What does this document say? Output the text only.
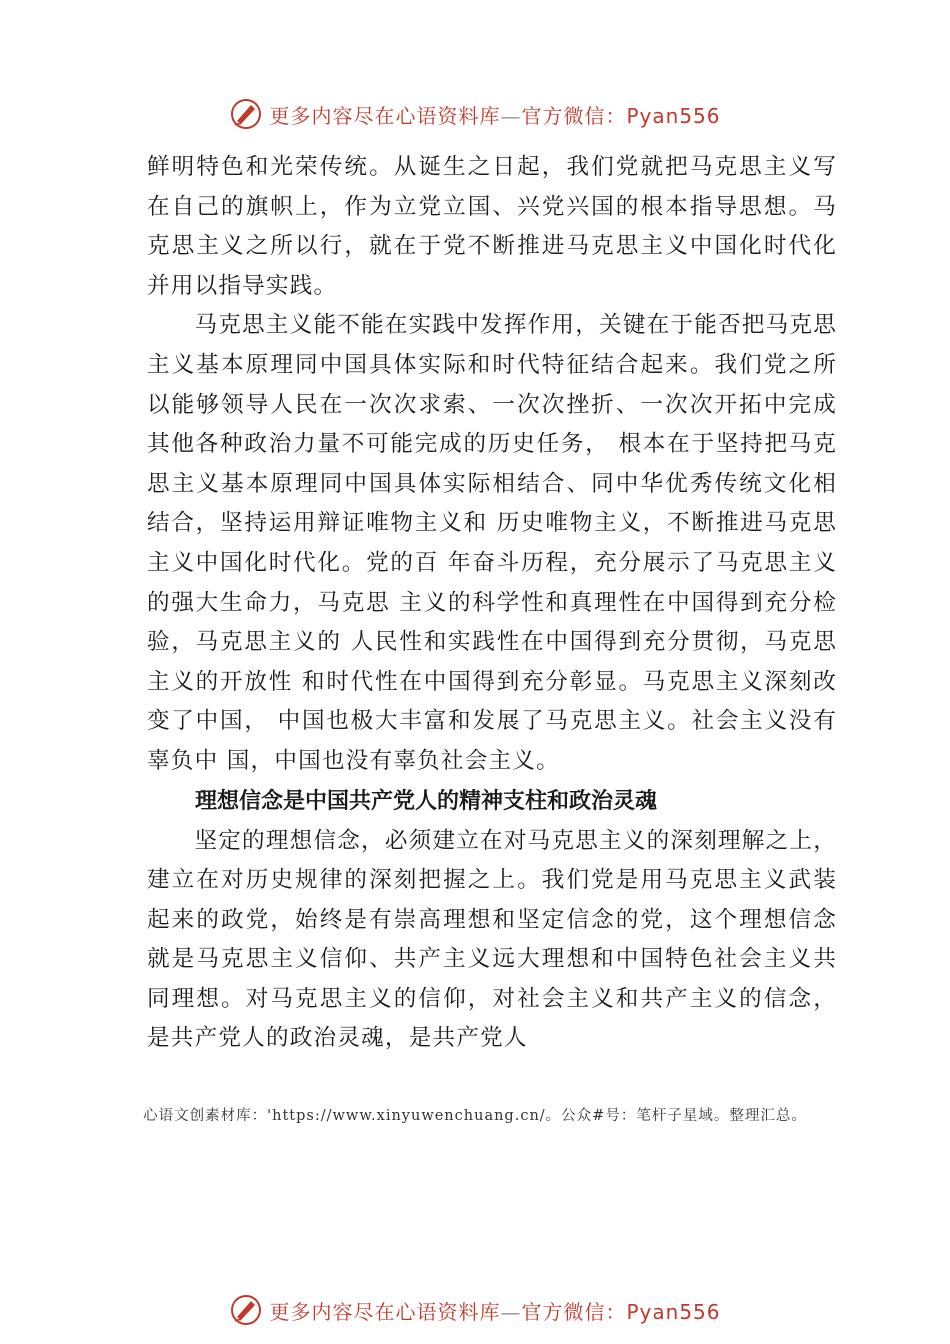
更多内容尽在心语资料库—官方微信：Pyan556

鲜明特色和光荣传统。从诞生之日起，我们党就把马克思主义写在自己的旗帜上，作为立党立国、兴党兴国的根本指导思想。马克思主义之所以行，就在于党不断推进马克思主义中国化时代化并用以指导实践。

马克思主义能不能在实践中发挥作用，关键在于能否把马克思主义基本原理同中国具体实际和时代特征结合起来。我们党之所以能够领导人民在一次次求索、一次次挫折、一次次开拓中完成其他各种政治力量不可能完成的历史任务， 根本在于坚持把马克思主义基本原理同中国具体实际相结合、同中华优秀传统文化相结合，坚持运用辩证唯物主义和 历史唯物主义，不断推进马克思主义中国化时代化。党的百 年奋斗历程，充分展示了马克思主义的强大生命力，马克思 主义的科学性和真理性在中国得到充分检验，马克思主义的 人民性和实践性在中国得到充分贯彻，马克思主义的开放性 和时代性在中国得到充分彰显。马克思主义深刻改变了中国， 中国也极大丰富和发展了马克思主义。社会主义没有辜负中 国，中国也没有辜负社会主义。

理想信念是中国共产党人的精神支柱和政治灵魂

坚定的理想信念，必须建立在对马克思主义的深刻理解之上，建立在对历史规律的深刻把握之上。我们党是用马克思主义武装起来的政党，始终是有崇高理想和坚定信念的党，这个理想信念就是马克思主义信仰、共产主义远大理想和中国特色社会主义共同理想。对马克思主义的信仰，对社会主义和共产主义的信念，是共产党人的政治灵魂，是共产党人

心语文创素材库：'https://www.xinyuwenchuang.cn/。公众#号：笔杆子星域。整理汇总。
更多内容尽在心语资料库—官方微信：Pyan556
